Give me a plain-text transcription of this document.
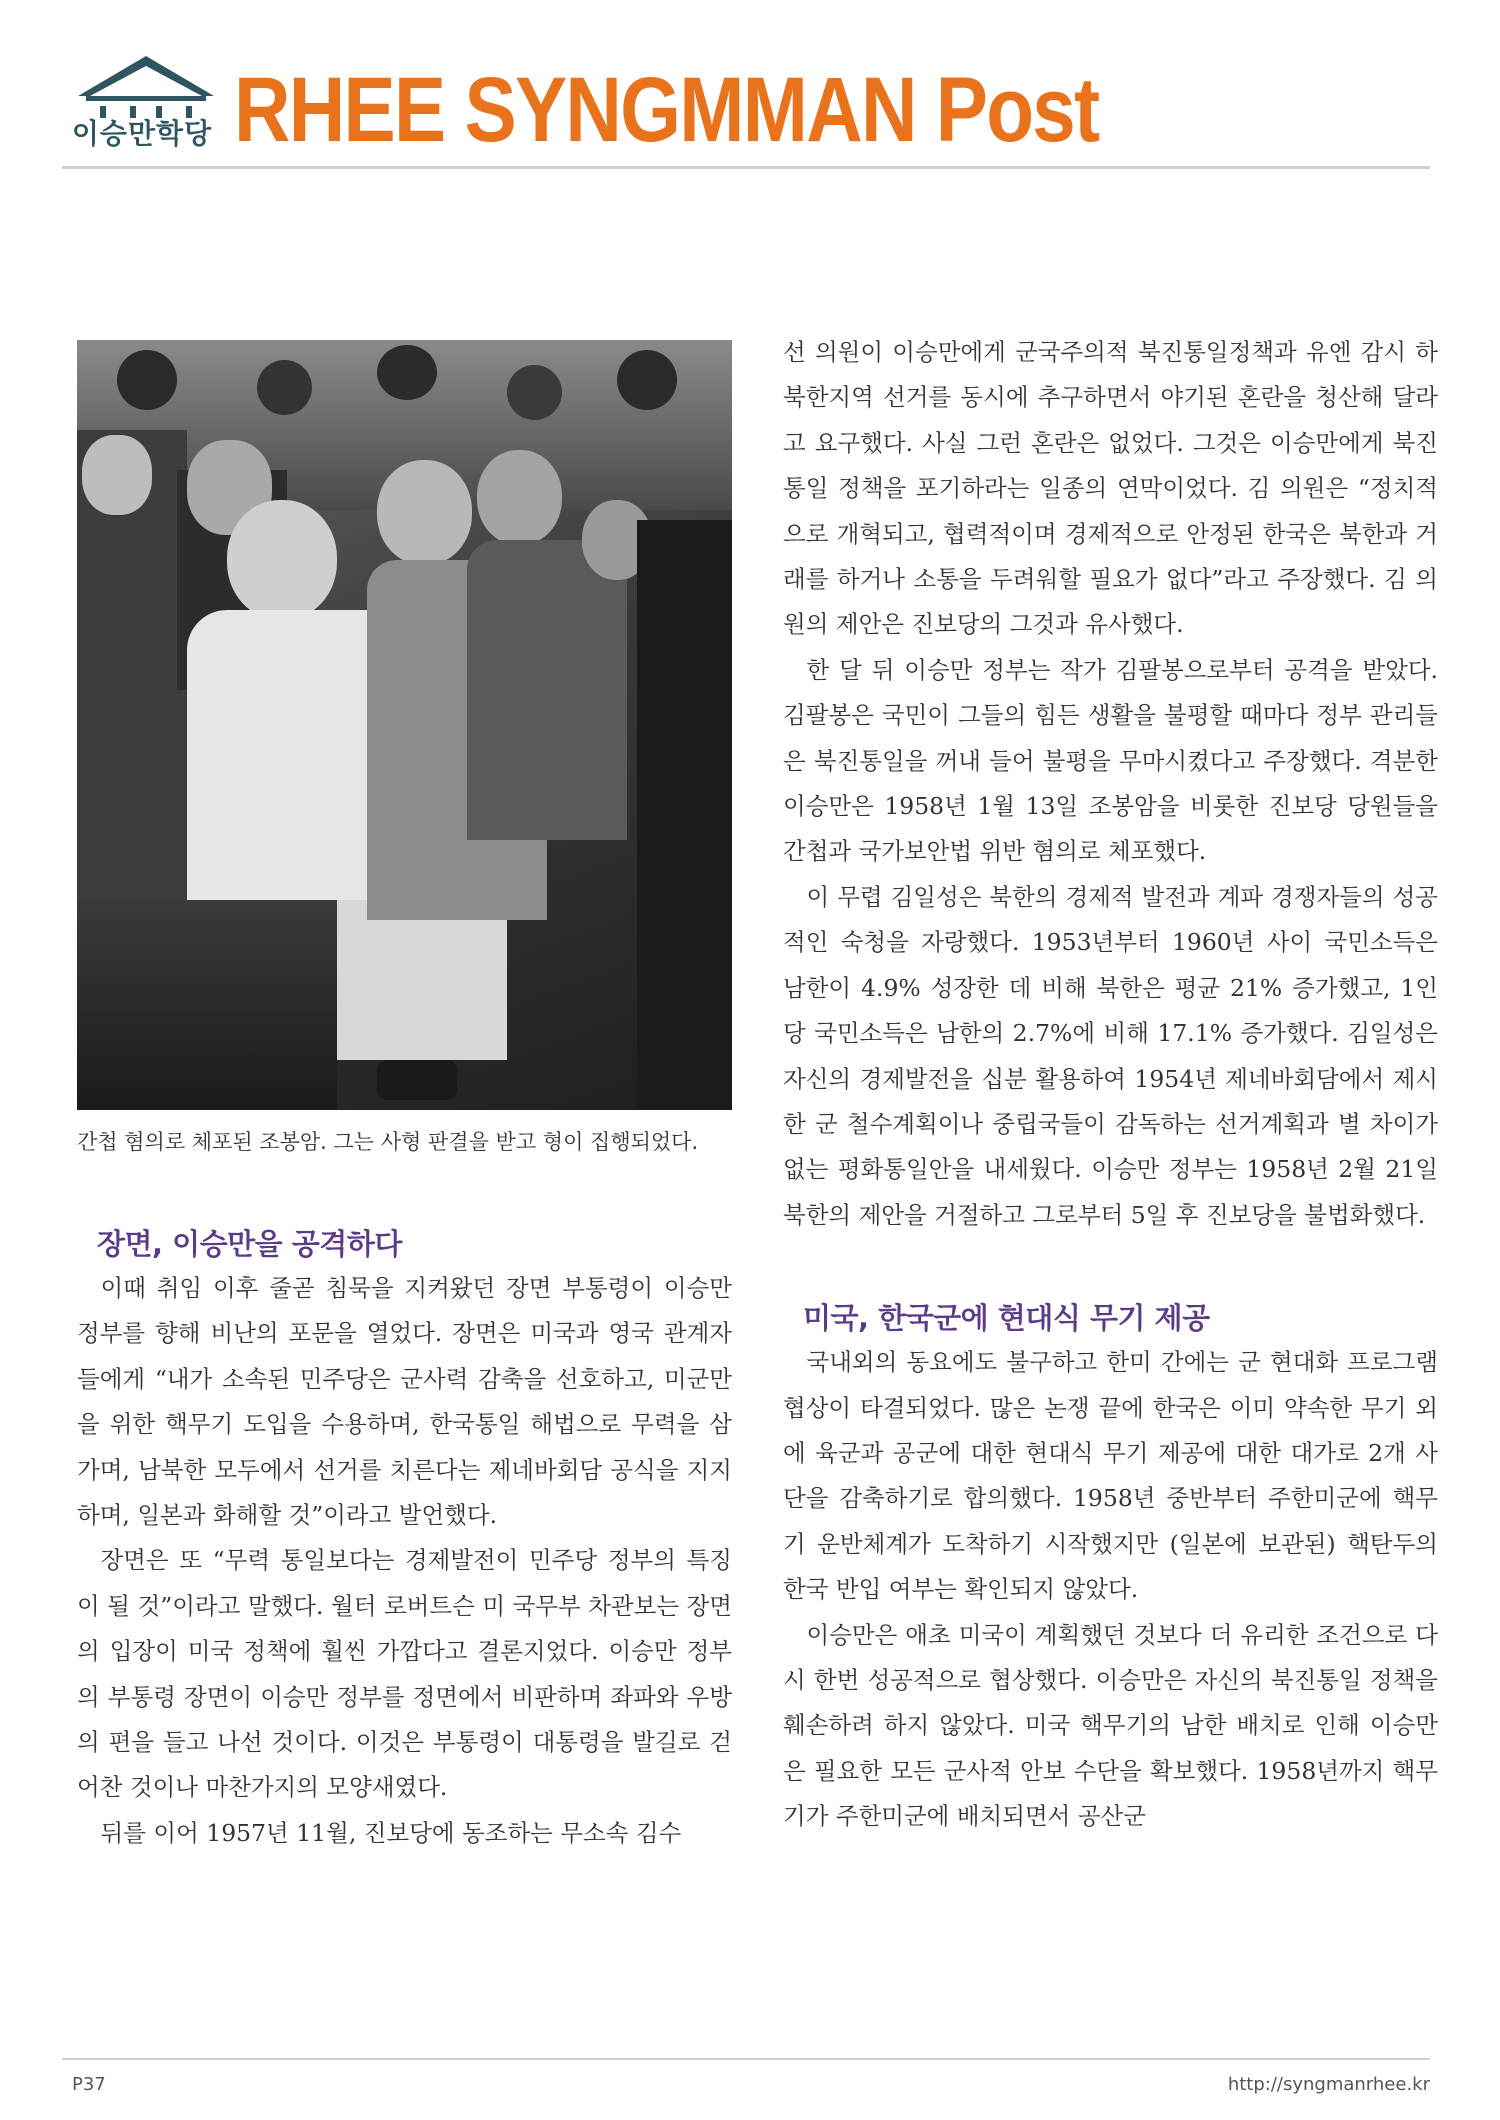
이승만학당 RHEE SYNGMMAN Post
간첩 혐의로 체포된 조봉암. 그는 사형 판결을 받고 형이 집행되었다.
장면, 이승만을 공격하다

이때 취임 이후 줄곧 침묵을 지켜왔던 장면 부통령이 이승만 정부를 향해 비난의 포문을 열었다. 장면은 미국과 영국 관계자들에게 “내가 소속된 민주당은 군사력 감축을 선호하고, 미군만을 위한 핵무기 도입을 수용하며, 한국통일 해법으로 무력을 삼가며, 남북한 모두에서 선거를 치른다는 제네바회담 공식을 지지하며, 일본과 화해할 것”이라고 발언했다.

장면은 또 “무력 통일보다는 경제발전이 민주당 정부의 특징이 될 것”이라고 말했다. 월터 로버트슨 미 국무부 차관보는 장면의 입장이 미국 정책에 훨씬 가깝다고 결론지었다. 이승만 정부의 부통령 장면이 이승만 정부를 정면에서 비판하며 좌파와 우방의 편을 들고 나선 것이다. 이것은 부통령이 대통령을 발길로 걷어찬 것이나 마찬가지의 모양새였다.

뒤를 이어 1957년 11월, 진보당에 동조하는 무소속 김수

선 의원이 이승만에게 군국주의적 북진통일정책과 유엔 감시 하 북한지역 선거를 동시에 추구하면서 야기된 혼란을 청산해 달라고 요구했다. 사실 그런 혼란은 없었다. 그것은 이승만에게 북진통일 정책을 포기하라는 일종의 연막이었다. 김 의원은 “정치적으로 개혁되고, 협력적이며 경제적으로 안정된 한국은 북한과 거래를 하거나 소통을 두려워할 필요가 없다”라고 주장했다. 김 의원의 제안은 진보당의 그것과 유사했다.

한 달 뒤 이승만 정부는 작가 김팔봉으로부터 공격을 받았다. 김팔봉은 국민이 그들의 힘든 생활을 불평할 때마다 정부 관리들은 북진통일을 꺼내 들어 불평을 무마시켰다고 주장했다. 격분한 이승만은 1958년 1월 13일 조봉암을 비롯한 진보당 당원들을 간첩과 국가보안법 위반 혐의로 체포했다.

이 무렵 김일성은 북한의 경제적 발전과 계파 경쟁자들의 성공적인 숙청을 자랑했다. 1953년부터 1960년 사이 국민소득은 남한이 4.9% 성장한 데 비해 북한은 평균 21% 증가했고, 1인당 국민소득은 남한의 2.7%에 비해 17.1% 증가했다. 김일성은 자신의 경제발전을 십분 활용하여 1954년 제네바회담에서 제시한 군 철수계획이나 중립국들이 감독하는 선거계획과 별 차이가 없는 평화통일안을 내세웠다. 이승만 정부는 1958년 2월 21일 북한의 제안을 거절하고 그로부터 5일 후 진보당을 불법화했다.

미국, 한국군에 현대식 무기 제공

국내외의 동요에도 불구하고 한미 간에는 군 현대화 프로그램 협상이 타결되었다. 많은 논쟁 끝에 한국은 이미 약속한 무기 외에 육군과 공군에 대한 현대식 무기 제공에 대한 대가로 2개 사단을 감축하기로 합의했다. 1958년 중반부터 주한미군에 핵무기 운반체계가 도착하기 시작했지만 (일본에 보관된) 핵탄두의 한국 반입 여부는 확인되지 않았다.

이승만은 애초 미국이 계획했던 것보다 더 유리한 조건으로 다시 한번 성공적으로 협상했다. 이승만은 자신의 북진통일 정책을 훼손하려 하지 않았다. 미국 핵무기의 남한 배치로 인해 이승만은 필요한 모든 군사적 안보 수단을 확보했다. 1958년까지 핵무기가 주한미군에 배치되면서 공산군

P37	http://syngmanrhee.kr
